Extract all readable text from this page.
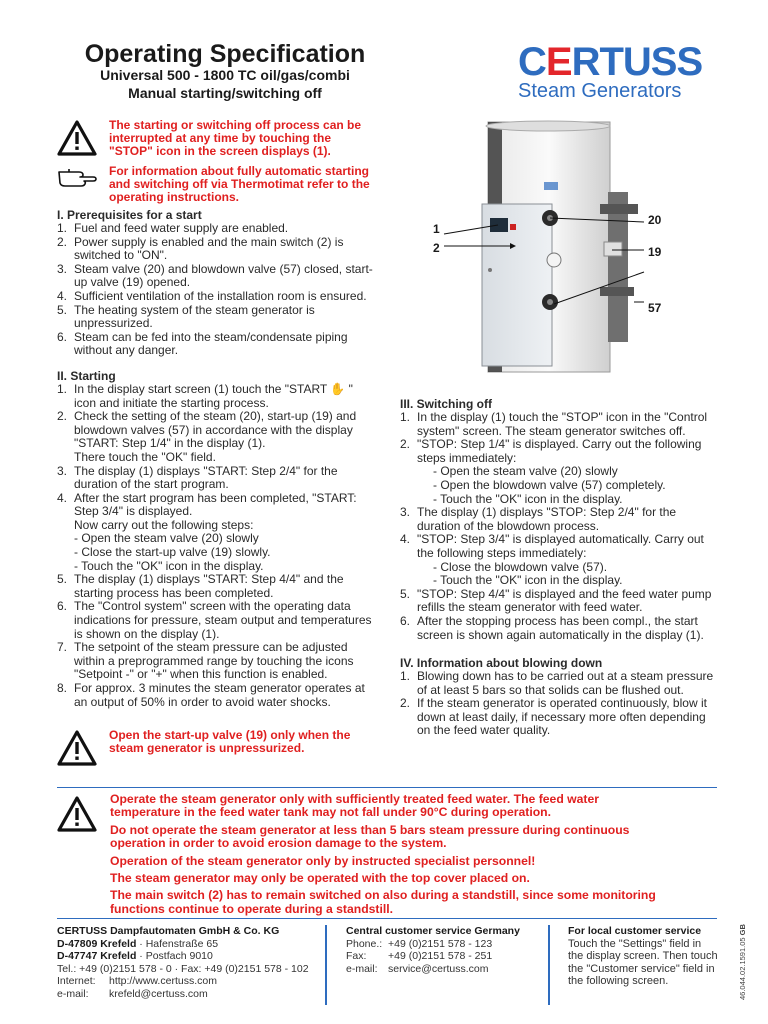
Operating Specification
Universal 500 - 1800 TC oil/gas/combi
Manual starting/switching off
CERTUSS
Steam Generators
The starting or switching off process can be interrupted at any time by touching the "STOP" icon in the screen displays (1).
For information about fully automatic starting and switching off via Thermotimat refer to the operating instructions.
I. Prerequisites for a start
1. Fuel and feed water supply are enabled.
2. Power supply is enabled and the main switch (2) is switched to "ON".
3. Steam valve (20) and blowdown valve (57) closed, start-up valve (19) opened.
4. Sufficient ventilation of the installation room is ensured.
5. The heating system of the steam generator is unpressurized.
6. Steam can be fed into the steam/condensate piping without any danger.
II. Starting
1. In the display start screen (1) touch the "START ✋ " icon and initiate the starting process.
2. Check the setting of the steam (20), start-up (19) and blowdown valves (57) in accordance with the display "START: Step 1/4" in the display (1).
There touch the "OK" field.
3. The display (1) displays "START: Step 2/4" for the duration of the start program.
4. After the start program has been completed, "START: Step 3/4" is displayed.
Now carry out the following steps:
- Open the steam valve (20) slowly
- Close the start-up valve (19) slowly.
- Touch the "OK" icon in the display.
5. The display (1) displays "START: Step 4/4" and the starting process has been completed.
6. The "Control system" screen with the operating data indications for pressure, steam output and temperatures is shown on the display (1).
7. The setpoint of the steam pressure can be adjusted within a preprogrammed range by touching the icons "Setpoint -" or "+" when this function is enabled.
8. For approx. 3 minutes the steam generator operates at an output of 50% in order to avoid water shocks.
Open the start-up valve (19) only when the steam generator is unpressurized.
1
2
20
19
57
III. Switching off
1. In the display (1) touch the "STOP" icon in the "Control system" screen. The steam generator switches off.
2. "STOP: Step 1/4" is displayed. Carry out the following steps immediately:
- Open the steam valve (20) slowly
- Open the blowdown valve (57) completely.
- Touch the "OK" icon in the display.
3. The display (1) displays "STOP: Step 2/4" for the duration of the blowdown process.
4. "STOP: Step 3/4" is displayed automatically. Carry out the following steps immediately:
- Close the blowdown valve (57).
- Touch the "OK" icon in the display.
5. "STOP: Step 4/4" is displayed and the feed water pump refills the steam generator with feed water.
6. After the stopping process has been compl., the start screen is shown again automatically in the display (1).
IV. Information about blowing down
1. Blowing down has to be carried out at a steam pressure of at least 5 bars so that solids can be flushed out.
2. If the steam generator is operated continuously, blow it down at least daily, if necessary more often depending on the feed water quality.
Operate the steam generator only with sufficiently treated feed water. The feed water temperature in the feed water tank may not fall under 90°C during operation.
Do not operate the steam generator at less than 5 bars steam pressure during continuous operation in order to avoid erosion damage to the system.
Operation of the steam generator only by instructed specialist personnel!
The steam generator may only be operated with the top cover placed on.
The main switch (2) has to remain switched on also during a standstill, since some monitoring functions continue to operate during a standstill.
CERTUSS Dampfautomaten GmbH & Co. KG
D-47809 Krefeld · Hafenstraße 65
D-47747 Krefeld · Postfach 9010
Tel.: +49 (0)2151 578 - 0 · Fax: +49 (0)2151 578 - 102
Internet: http://www.certuss.com
e-mail: krefeld@certuss.com
Central customer service Germany
Phone.: +49 (0)2151 578 - 123
Fax: +49 (0)2151 578 - 251
e-mail: service@certuss.com
For local customer service
Touch the "Settings" field in the display screen. Then touch the "Customer service" field in the following screen.	46.044.02.1591.05 GB
